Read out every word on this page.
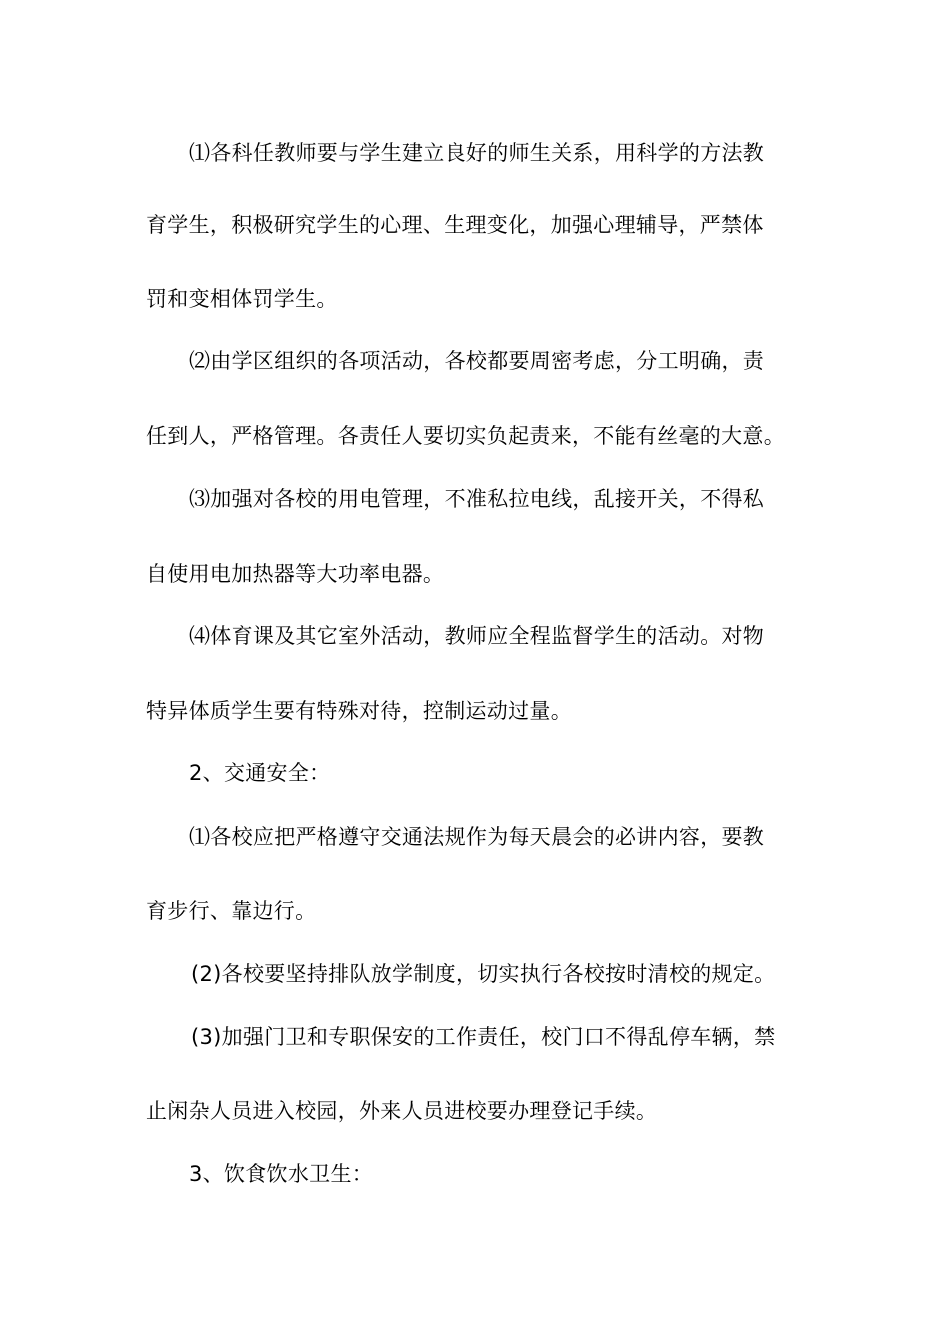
⑴各科任教师要与学生建立良好的师生关系，用科学的方法教
育学生，积极研究学生的心理、生理变化，加强心理辅导，严禁体
罚和变相体罚学生。
⑵由学区组织的各项活动，各校都要周密考虑，分工明确，责
任到人，严格管理。各责任人要切实负起责来，不能有丝毫的大意。
⑶加强对各校的用电管理，不准私拉电线，乱接开关，不得私
自使用电加热器等大功率电器。
⑷体育课及其它室外活动，教师应全程监督学生的活动。对物
特异体质学生要有特殊对待，控制运动过量。
2、交通安全：
⑴各校应把严格遵守交通法规作为每天晨会的必讲内容，要教
育步行、靠边行。
(2)各校要坚持排队放学制度，切实执行各校按时清校的规定。
(3)加强门卫和专职保安的工作责任，校门口不得乱停车辆，禁
止闲杂人员进入校园，外来人员进校要办理登记手续。
3、饮食饮水卫生：
